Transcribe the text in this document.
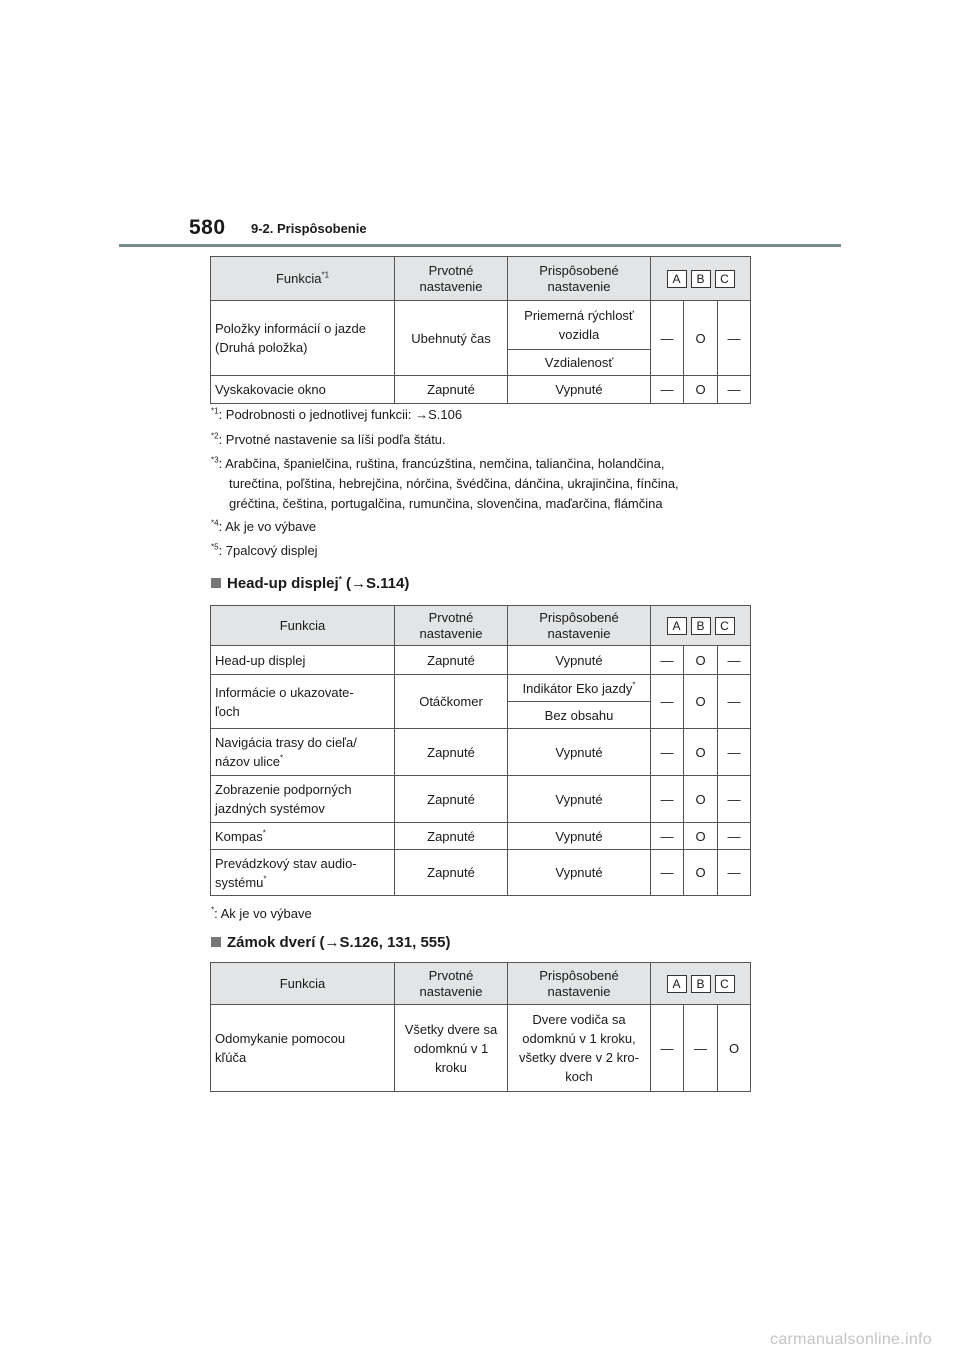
580 9-2. Prispôsobenie
Funkcia$^{*1}$	Prvotné
nastavenie	Prispôsobené
nastavenie	A B C		
Položky informácií o jazde
(Druhá položka)	Ubehnutý čas	Priemerná rýchlosť
vozidla	—	O	—
		Vzdialenosť			
Vyskakovacie okno	Zapnuté	Vypnuté	—	O	—
$^{*1}$: Podrobnosti o jednotlivej funkcii: →S.106
$^{*2}$: Prvotné nastavenie sa líši podľa štátu.
$^{*3}$: Arabčina, španielčina, ruština, francúzština, nemčina, taliančina, holandčina,
turečtina, poľština, hebrejčina, nórčina, švédčina, dánčina, ukrajinčina, fínčina,
gréčtina, čeština, portugalčina, rumunčina, slovenčina, maďarčina, flámčina
$^{*4}$: Ak je vo výbave
$^{*5}$: 7palcový displej
Head-up displej* (→S.114)
Funkcia	Prvotné
nastavenie	Prispôsobené
nastavenie	A B C		
Head-up displej	Zapnuté	Vypnuté	—	O	—
Informácie o ukazovate-
ľoch	Otáčkomer	Indikátor Eko jazdy*	—	O	—
		Bez obsahu			
Navigácia trasy do cieľa/
názov ulice*	Zapnuté	Vypnuté	—	O	—
Zobrazenie podporných
jazdných systémov	Zapnuté	Vypnuté	—	O	—
Kompas*	Zapnuté	Vypnuté	—	O	—
Prevádzkový stav audio-
systému*	Zapnuté	Vypnuté	—	O	—
*: Ak je vo výbave
Zámok dverí (→S.126, 131, 555)
Funkcia	Prvotné
nastavenie	Prispôsobené
nastavenie	A B C		
Odomykanie pomocou
kľúča	Všetky dvere sa
odomknú v 1
kroku	Dvere vodiča sa
odomknú v 1 kroku,
všetky dvere v 2 kro-
koch	—	—	O
carmanualsonline.info
